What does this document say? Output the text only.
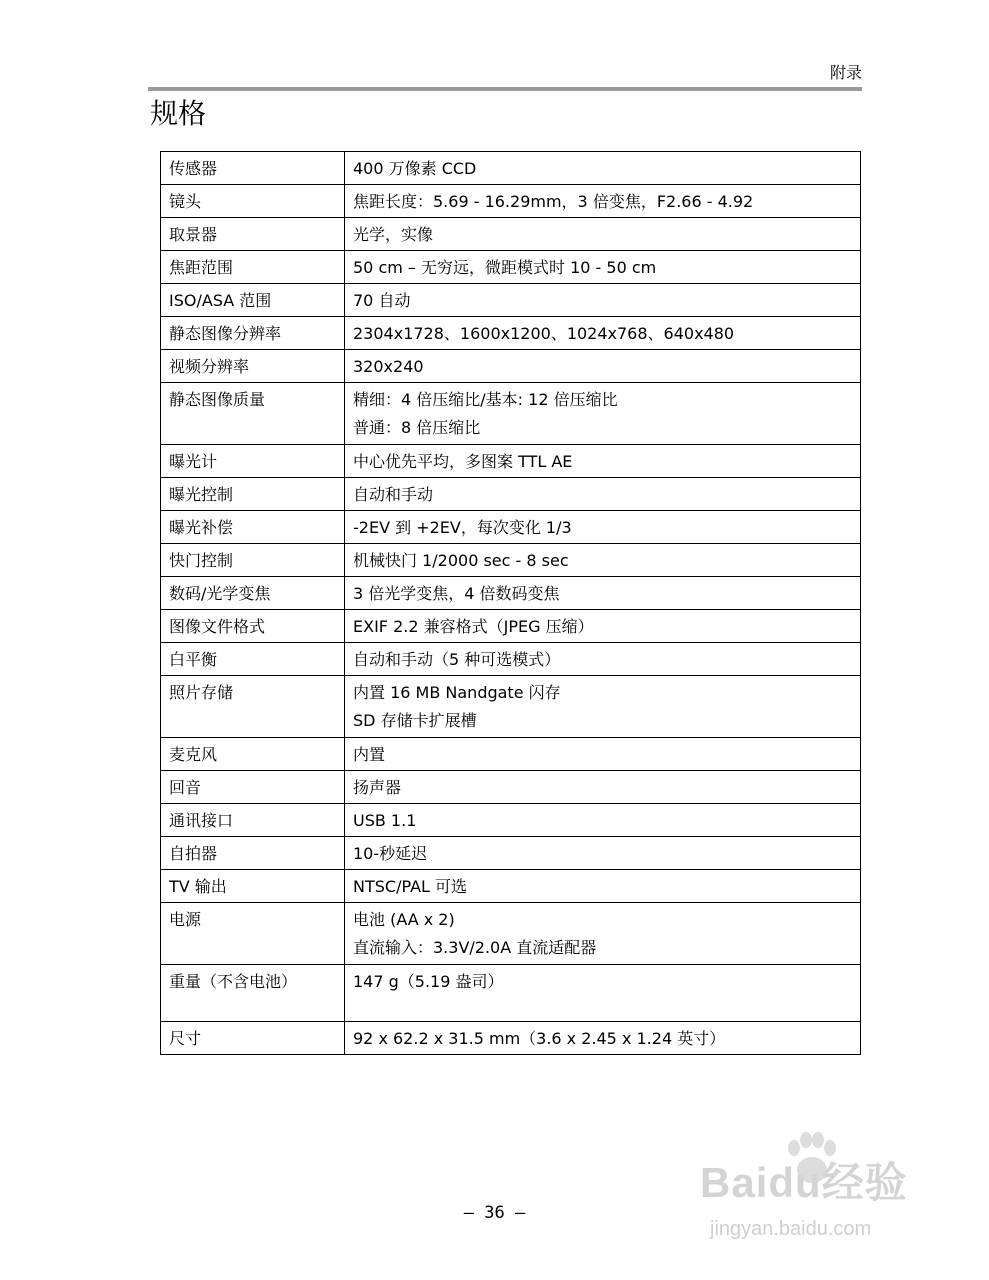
附录
规格
传感器	400 万像素 CCD

镜头	焦距长度：5.69 - 16.29mm，3 倍变焦，F2.66 - 4.92

取景器	光学，实像

焦距范围	50 cm – 无穷远，微距模式时 10 - 50 cm

ISO/ASA 范围	70 自动

静态图像分辨率	2304x1728、1600x1200、1024x768、640x480

视频分辨率	320x240

静态图像质量	精细：4 倍压缩比/基本: 12 倍压缩比
普通：8 倍压缩比

曝光计	中心优先平均，多图案 TTL AE

曝光控制	自动和手动

曝光补偿	-2EV 到 +2EV，每次变化 1/3

快门控制	机械快门 1/2000 sec - 8 sec

数码/光学变焦	3 倍光学变焦，4 倍数码变焦

图像文件格式	EXIF 2.2 兼容格式（JPEG 压缩）

白平衡	自动和手动（5 种可选模式）

照片存储	内置 16 MB Nandgate 闪存
SD 存储卡扩展槽

麦克风	内置

回音	扬声器

通讯接口	USB 1.1

自拍器	10-秒延迟

TV 输出	NTSC/PAL 可选

电源	电池 (AA x 2)
直流输入：3.3V/2.0A 直流适配器

重量（不含电池）	147 g（5.19 盎司）

尺寸	92 x 62.2 x 31.5 mm（3.6 x 2.45 x 1.24 英寸）
– 36 –
Baidu经验
jingyan.baidu.com
